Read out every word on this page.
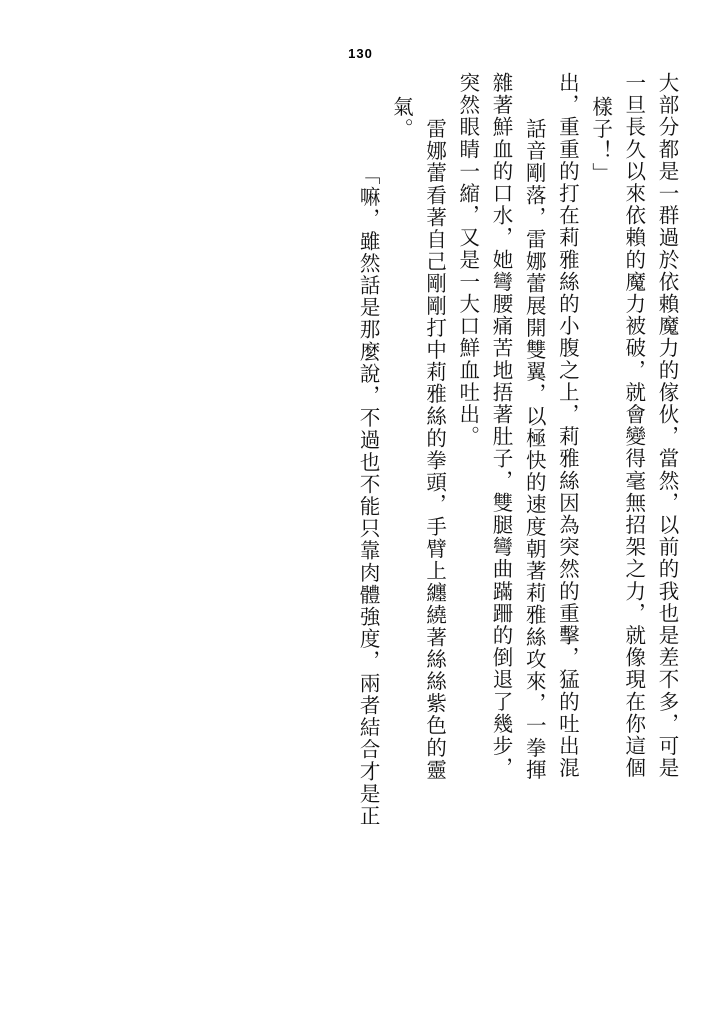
130
大部分都是一群過於依賴魔力的傢伙，當然，以前的我也是差不多，可是
一旦長久以來依賴的魔力被破，就會變得毫無招架之力，就像現在你這個
樣子！」
出，重重的打在莉雅絲的小腹之上，莉雅絲因為突然的重擊，猛的吐出混
話音剛落，雷娜蕾展開雙翼，以極快的速度朝著莉雅絲攻來，一拳揮
雜著鮮血的口水，她彎腰痛苦地捂著肚子，雙腿彎曲蹣跚的倒退了幾步，
突然眼睛一縮，又是一大口鮮血吐出。
雷娜蕾看著自己剛剛打中莉雅絲的拳頭，手臂上纏繞著絲絲紫色的靈
氣。
「嘛，雖然話是那麼說，不過也不能只靠肉體強度，兩者結合才是正
